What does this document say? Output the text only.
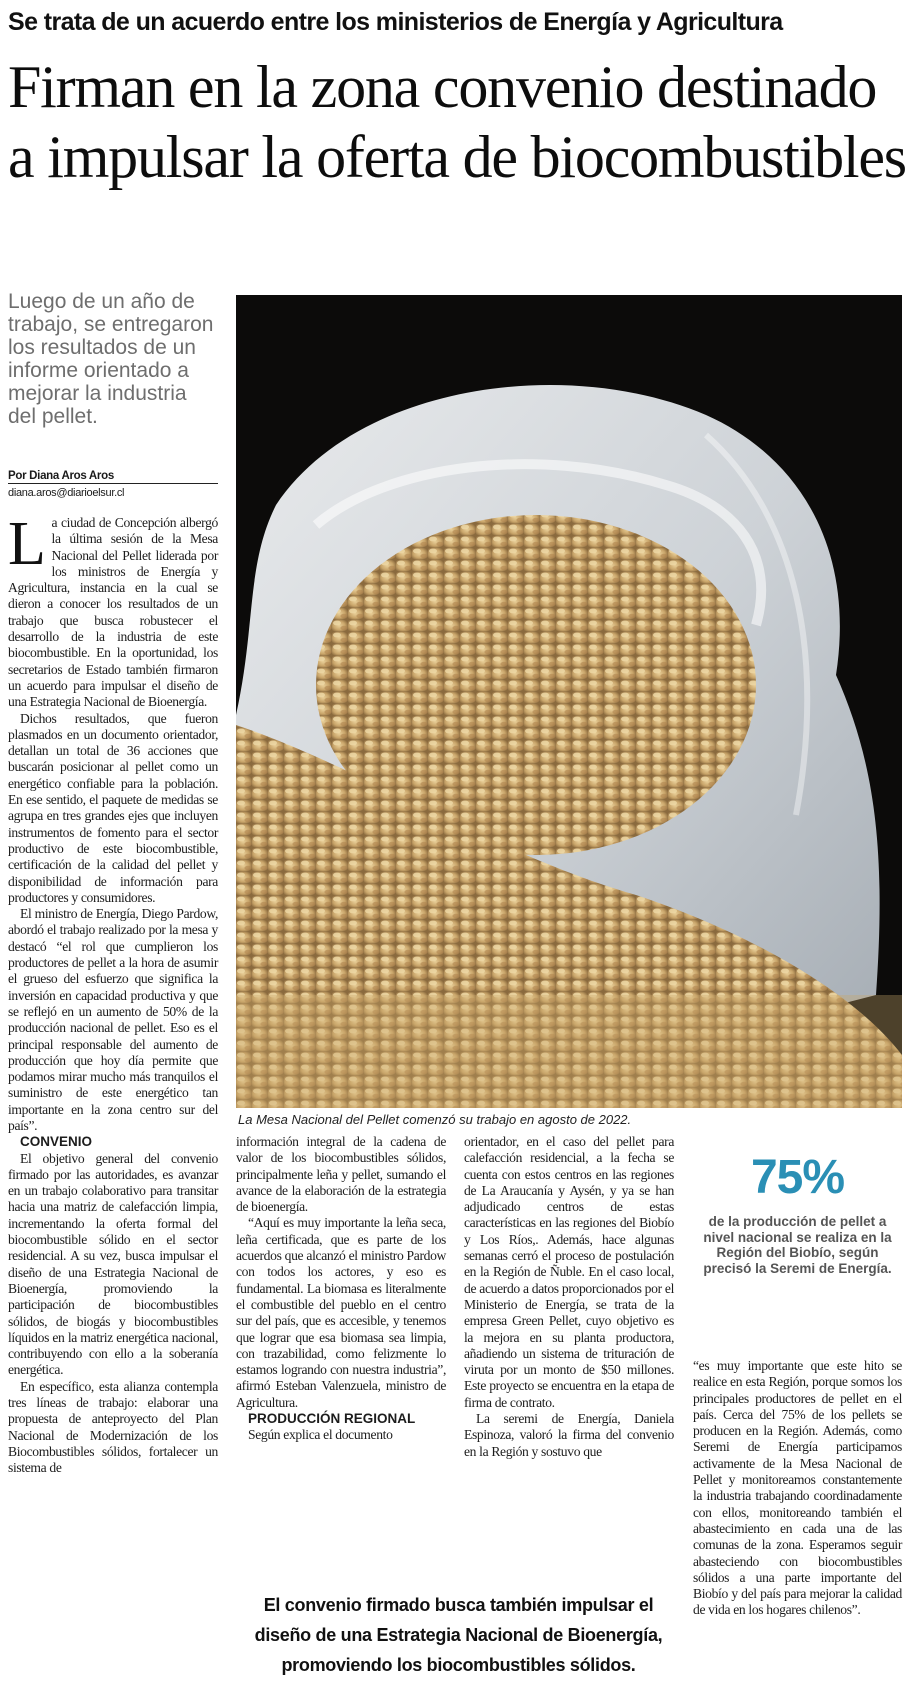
Se trata de un acuerdo entre los ministerios de Energía y Agricultura
Firman en la zona convenio destinado a impulsar la oferta de biocombustibles
Luego de un año de trabajo, se entregaron los resultados de un informe orientado a mejorar la industria del pellet.
Por Diana Aros Aros
diana.aros@diarioelsur.cl

La ciudad de Concepción albergó la última sesión de la Mesa Nacional del Pellet liderada por los ministros de Energía y Agricultura, instancia en la cual se dieron a conocer los resultados de un trabajo que busca robustecer el desarrollo de la industria de este biocombustible. En la oportunidad, los secretarios de Estado también firmaron un acuerdo para impulsar el diseño de una Estrategia Nacional de Bioenergía.

Dichos resultados, que fueron plasmados en un documento orientador, detallan un total de 36 acciones que buscarán posicionar al pellet como un energético confiable para la población. En ese sentido, el paquete de medidas se agrupa en tres grandes ejes que incluyen instrumentos de fomento para el sector productivo de este biocombustible, certificación de la calidad del pellet y disponibilidad de información para productores y consumidores.

El ministro de Energía, Diego Pardow, abordó el trabajo realizado por la mesa y destacó “el rol que cumplieron los productores de pellet a la hora de asumir el grueso del esfuerzo que significa la inversión en capacidad productiva y que se reflejó en un aumento de 50% de la producción nacional de pellet. Eso es el principal responsable del aumento de producción que hoy día permite que podamos mirar mucho más tranquilos el suministro de este energético tan importante en la zona centro sur del país”.

CONVENIO

El objetivo general del convenio firmado por las autoridades, es avanzar en un trabajo colaborativo para transitar hacia una matriz de calefacción limpia, incrementando la oferta formal del biocombustible sólido en el sector residencial. A su vez, busca impulsar el diseño de una Estrategia Nacional de Bioenergía, promoviendo la participación de biocombustibles sólidos, de biogás y biocombustibles líquidos en la matriz energética nacional, contribuyendo con ello a la soberanía energética.

En específico, esta alianza contempla tres líneas de trabajo: elaborar una propuesta de anteproyecto del Plan Nacional de Modernización de los Biocombustibles sólidos, fortalecer un sistema de

La Mesa Nacional del Pellet comenzó su trabajo en agosto de 2022.

información integral de la cadena de valor de los biocombustibles sólidos, principalmente leña y pellet, sumando el avance de la elaboración de la estrategia de bioenergía.

“Aquí es muy importante la leña seca, leña certificada, que es parte de los acuerdos que alcanzó el ministro Pardow con todos los actores, y eso es fundamental. La biomasa es literalmente el combustible del pueblo en el centro sur del país, que es accesible, y tenemos que lograr que esa biomasa sea limpia, con trazabilidad, como felizmente lo estamos logrando con nuestra industria”, afirmó Esteban Valenzuela, ministro de Agricultura.

PRODUCCIÓN REGIONAL

Según explica el documento

orientador, en el caso del pellet para calefacción residencial, a la fecha se cuenta con estos centros en las regiones de La Araucanía y Aysén, y ya se han adjudicado centros de estas características en las regiones del Biobío y Los Ríos,. Además, hace algunas semanas cerró el proceso de postulación en la Región de Ñuble. En el caso local, de acuerdo a datos proporcionados por el Ministerio de Energía, se trata de la empresa Green Pellet, cuyo objetivo es la mejora en su planta productora, añadiendo un sistema de trituración de viruta por un monto de $50 millones. Este proyecto se encuentra en la etapa de firma de contrato.

La seremi de Energía, Daniela Espinoza, valoró la firma del convenio en la Región y sostuvo que

75%
de la producción de pellet a nivel nacional se realiza en la Región del Biobío, según precisó la Seremi de Energía.

“es muy importante que este hito se realice en esta Región, porque somos los principales productores de pellet en el país. Cerca del 75% de los pellets se producen en la Región. Además, como Seremi de Energía participamos activamente de la Mesa Nacional de Pellet y monitoreamos constantemente la industria trabajando coordinadamente con ellos, monitoreando también el abastecimiento en cada una de las comunas de la zona. Esperamos seguir abasteciendo con biocombustibles sólidos a una parte importante del Biobío y del país para mejorar la calidad de vida en los hogares chilenos”.

El convenio firmado busca también impulsar el diseño de una Estrategia Nacional de Bioenergía, promoviendo los biocombustibles sólidos.
